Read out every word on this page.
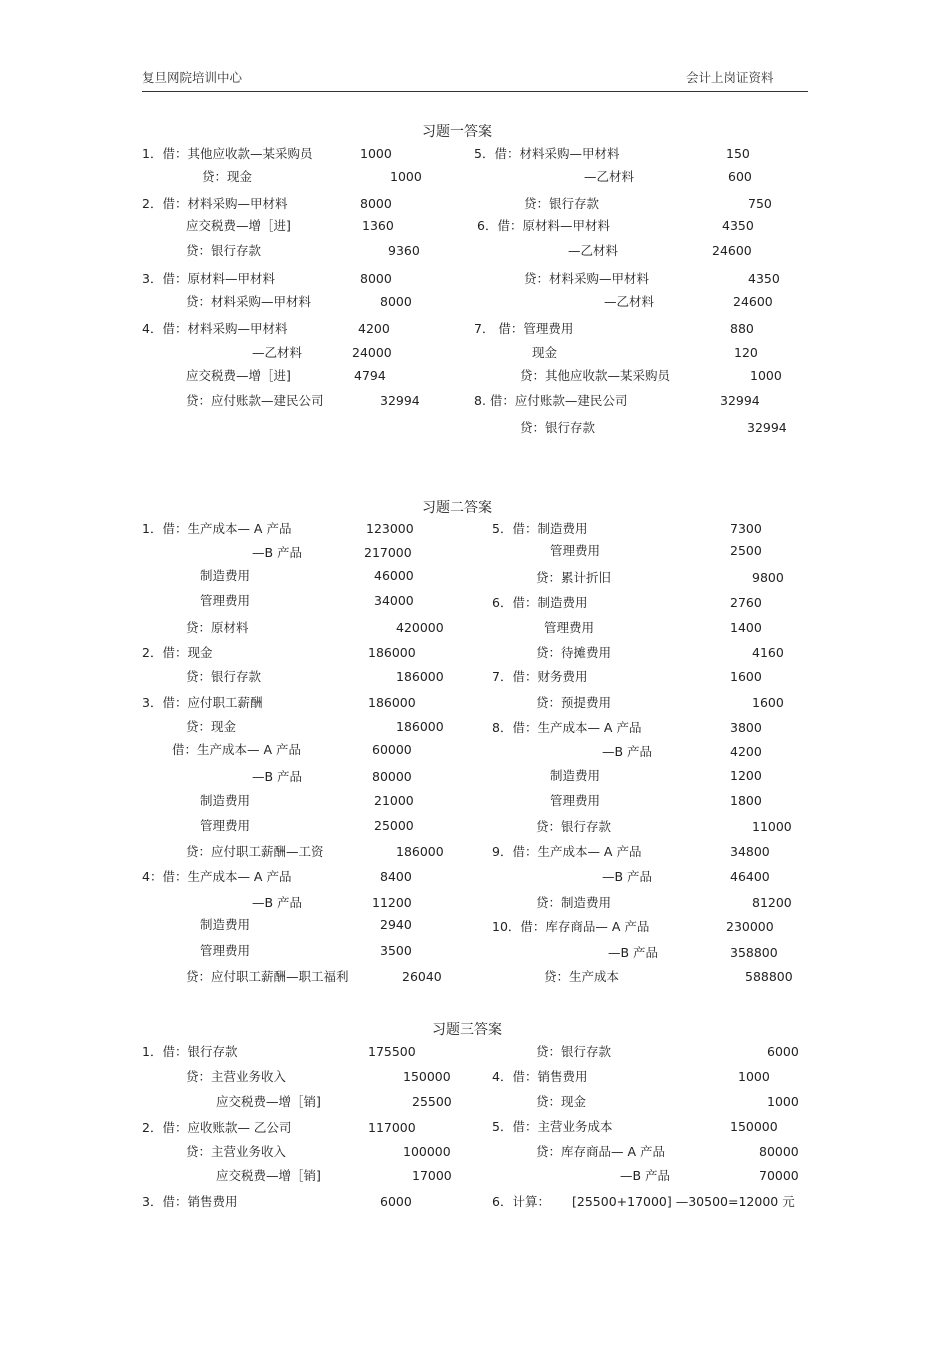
复旦网院培训中心	会计上岗证资料
习题一答案
习题二答案
习题三答案
1．借：其他应收款—某采购员	1000
贷：现金	1000
2．借：材料采购—甲材料	8000
应交税费—增［进]	1360
贷：银行存款	9360
3．借：原材料—甲材料	8000
贷：材料采购—甲材料	8000
4．借：材料采购—甲材料	4200
—乙材料	24000
应交税费—增［进]	4794
贷：应付账款—建民公司	32994
5．借：材料采购—甲材料	150
—乙材料	600
贷：银行存款	750
6．借：原材料—甲材料	4350
—乙材料	24600
贷：材料采购—甲材料	4350
—乙材料	24600
7． 借：管理费用	880
现金	120
贷：其他应收款—某采购员	1000
8. 借：应付账款—建民公司	32994
贷：银行存款	32994
1．借：生产成本— A 产品	123000
—B 产品	217000
制造费用	46000
管理费用	34000
贷：原材料	420000
2．借：现金	186000
贷：银行存款	186000
3．借：应付职工薪酬	186000
贷：现金	186000
借：生产成本— A 产品	60000
—B 产品	80000
制造费用	21000
管理费用	25000
贷：应付职工薪酬—工资	186000
4：借：生产成本— A 产品	8400
—B 产品	11200
制造费用	2940
管理费用	3500
贷：应付职工薪酬—职工福利	26040
5．借：制造费用	7300
管理费用	2500
贷：累计折旧	9800
6．借：制造费用	2760
管理费用	1400
贷：待摊费用	4160
7．借：财务费用	1600
贷：预提费用	1600
8．借：生产成本— A 产品	3800
—B 产品	4200
制造费用	1200
管理费用	1800
贷：银行存款	11000
9．借：生产成本— A 产品	34800
—B 产品	46400
贷：制造费用	81200
10．借：库存商品— A 产品	230000
—B 产品	358800
贷：生产成本	588800
1．借：银行存款	175500
贷：主营业务收入	150000
应交税费—增［销]	25500
2．借：应收账款— 乙公司	117000
贷：主营业务收入	100000
应交税费—增［销]	17000
3．借：销售费用	6000
贷：银行存款	6000
4．借：销售费用	1000
贷：现金	1000
5．借：主营业务成本	150000
贷：库存商品— A 产品	80000
—B 产品	70000
6．计算： [25500+17000] —30500=12000 元
